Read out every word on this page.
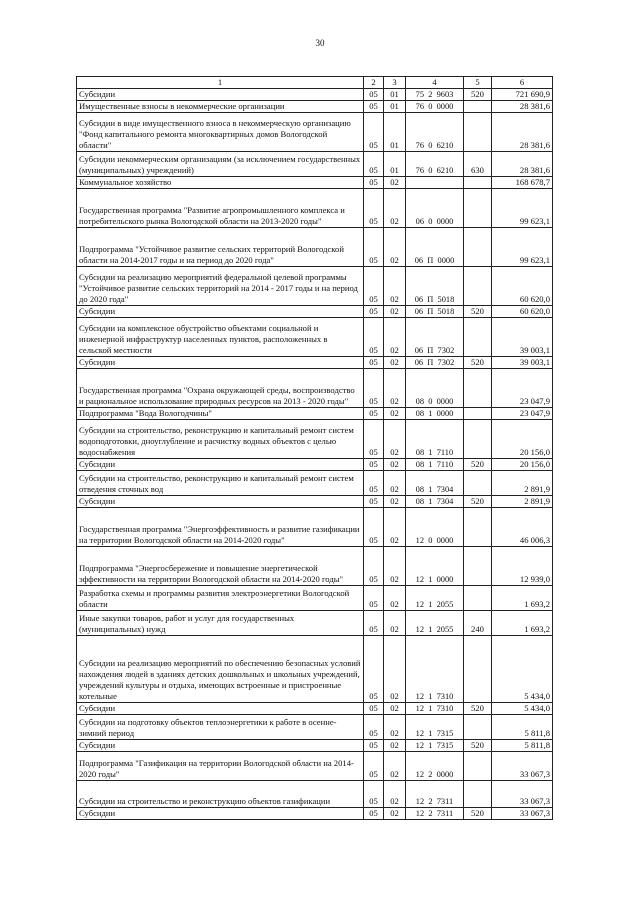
30
1	2	3	4	5	6
Субсидии	05	01	75  2  9603	520	721 690,9
Имущественные взносы в некоммерческие организации	05	01	76  0  0000		28 381,6
Субсидии в виде имущественного взноса в некоммерческую организацию "Фонд капитального ремонта многоквартирных домов Вологодской области"	05	01	76  0  6210		28 381,6
Субсидии некоммерческим организациям (за исключением государственных (муниципальных) учреждений)	05	01	76  0  6210	630	28 381,6
Коммунальное хозяйство	05	02			168 678,7
Государственная программа "Развитие агропромышленного комплекса и потребительского рынка Вологодской области на 2013-2020 годы"	05	02	06  0  0000		99 623,1
Подпрограмма "Устойчивое развитие сельских территорий Вологодской области на 2014-2017 годы и на период до 2020 года"	05	02	06  П  0000		99 623,1
Субсидии на реализацию мероприятий федеральной целевой программы "Устойчивое развитие сельских территорий на 2014 - 2017 годы и на период до 2020 года"	05	02	06  П  5018		60 620,0
Субсидии	05	02	06  П  5018	520	60 620,0
Субсидии на комплексное обустройство объектами социальной и инженерной инфраструктур населенных пунктов, расположенных в сельской местности	05	02	06  П  7302		39 003,1
Субсидии	05	02	06  П  7302	520	39 003,1
Государственная программа "Охрана окружающей среды, воспроизводство и рациональное использование природных ресурсов на 2013 - 2020 годы"	05	02	08  0  0000		23 047,9
Подпрограмма "Вода Вологодчины"	05	02	08  1  0000		23 047,9
Субсидии на строительство, реконструкцию и капитальный ремонт систем водоподготовки, дноуглубление и расчистку водных объектов с целью водоснабжения	05	02	08  1  7110		20 156,0
Субсидии	05	02	08  1  7110	520	20 156,0
Субсидии на строительство, реконструкцию и капитальный ремонт систем отведения сточных вод	05	02	08  1  7304		2 891,9
Субсидии	05	02	08  1  7304	520	2 891,9
Государственная программа "Энергоэффективность и развитие газификации на территории Вологодской области на 2014-2020 годы"	05	02	12  0  0000		46 006,3
Подпрограмма "Энергосбережение и повышение энергетической эффективности на территории Вологодской области на 2014-2020 годы"	05	02	12  1  0000		12 939,0
Разработка схемы и программы развития электроэнергетики Вологодской области	05	02	12  1  2055		1 693,2
Иные закупки товаров, работ и услуг для государственных (муниципальных) нужд	05	02	12  1  2055	240	1 693,2
Субсидии на реализацию мероприятий по обеспечению безопасных условий нахождения людей в зданиях детских дошкольных и школьных учреждений, учреждений культуры и отдыха, имеющих встроенные и пристроенные котельные	05	02	12  1  7310		5 434,0
Субсидии	05	02	12  1  7310	520	5 434,0
Субсидии на подготовку объектов теплоэнергетики к работе в осенне-зимний период	05	02	12  1  7315		5 811,8
Субсидии	05	02	12  1  7315	520	5 811,8
Подпрограмма "Газификация на территории Вологодской области на 2014-2020 годы"	05	02	12  2  0000		33 067,3
Субсидии на строительство и реконструкцию объектов газификации	05	02	12  2  7311		33 067,3
Субсидии	05	02	12  2  7311	520	33 067,3
